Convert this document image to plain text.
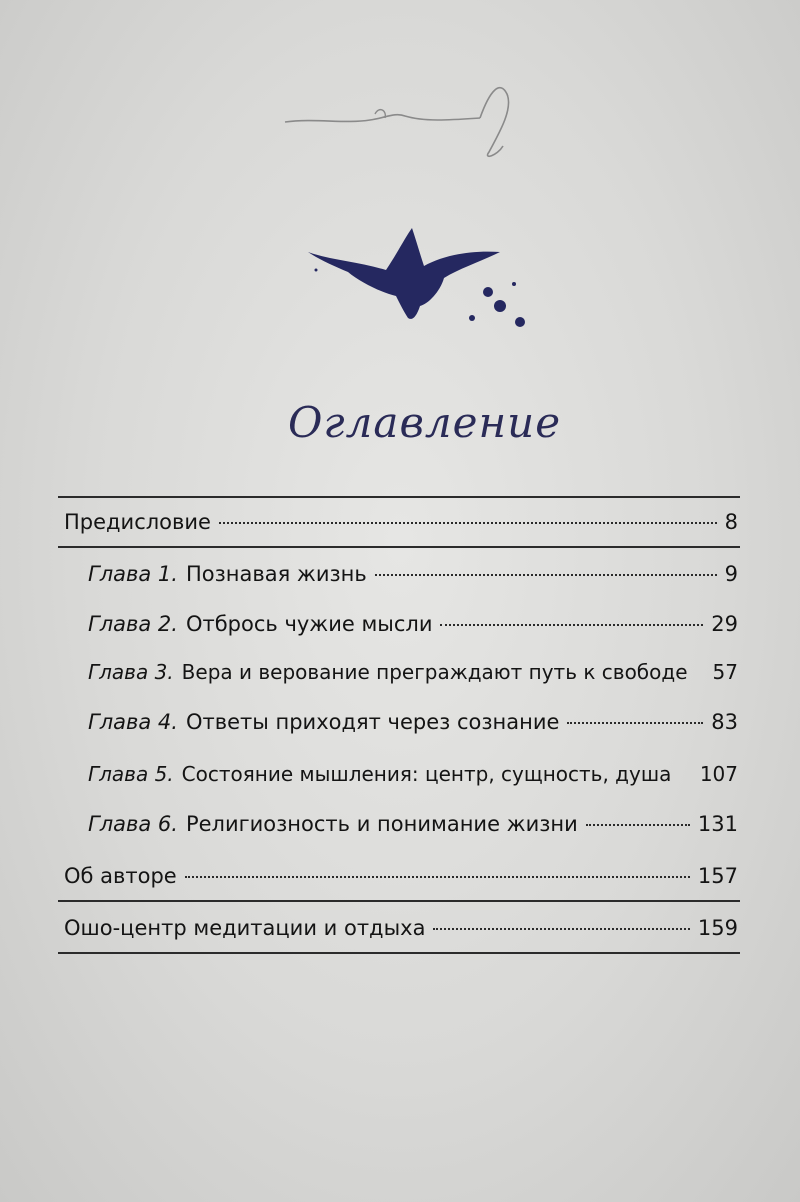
Оглавление
Предисловие	8
Глава 1. Познавая жизнь	9
Глава 2. Отбрось чужие мысли	29
Глава 3. Вера и верование преграждают путь к свободе 57
Глава 4. Ответы приходят через сознание	83
Глава 5. Состояние мышления: центр, сущность, душа 107
Глава 6. Религиозность и понимание жизни	131
Об авторе	157
Ошо-центр медитации и отдыха	159
